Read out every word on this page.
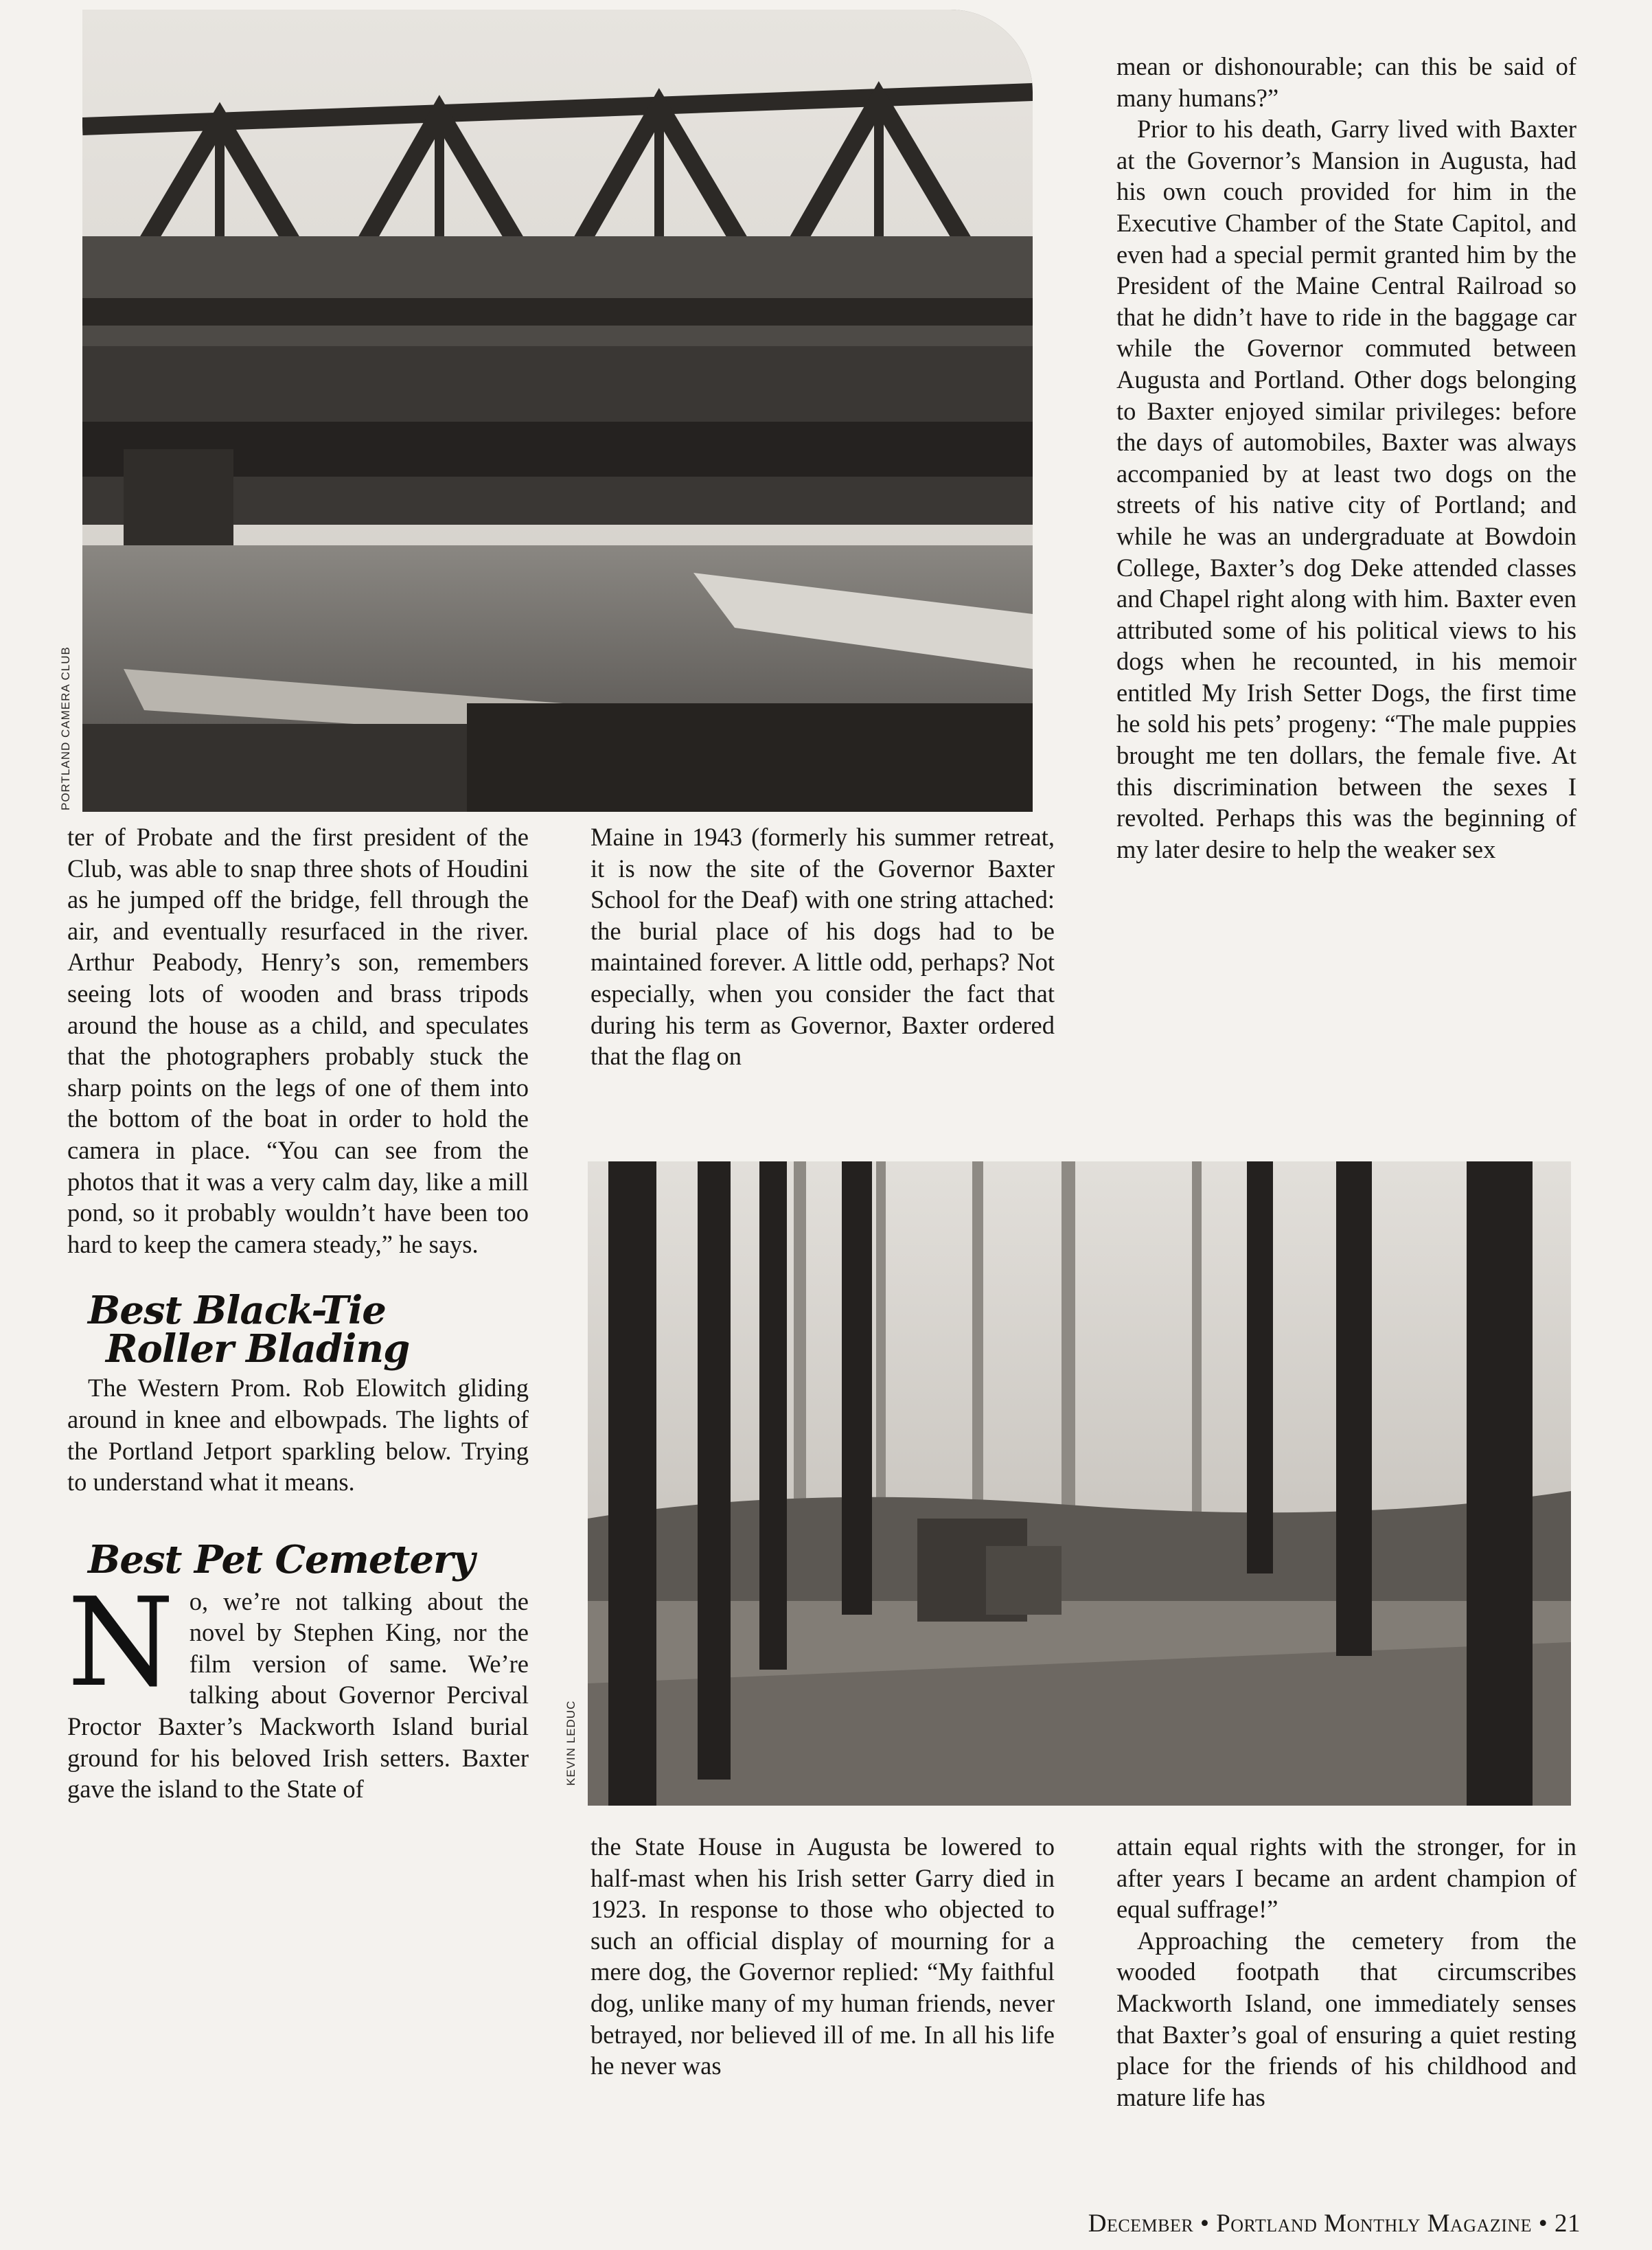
PORTLAND CAMERA CLUB
KEVIN LEDUC

ter of Probate and the first president of the Club, was able to snap three shots of Houdini as he jumped off the bridge, fell through the air, and eventually resurfaced in the river. Arthur Peabody, Henry’s son, remembers seeing lots of wooden and brass tripods around the house as a child, and speculates that the photographers probably stuck the sharp points on the legs of one of them into the bottom of the boat in order to hold the camera in place. “You can see from the photos that it was a very calm day, like a mill pond, so it probably wouldn’t have been too hard to keep the camera steady,” he says.

Best Black-Tie
Roller Blading

The Western Prom. Rob Elowitch gliding around in knee and elbowpads. The lights of the Portland Jetport sparkling below. Trying to understand what it means.

Best Pet Cemetery

N o, we’re not talking about the novel by Stephen King, nor the film version of same. We’re talking about Governor Percival Proctor Baxter’s Mackworth Island burial ground for his beloved Irish setters. Baxter gave the island to the State of

Maine in 1943 (formerly his summer retreat, it is now the site of the Governor Baxter School for the Deaf) with one string attached: the burial place of his dogs had to be maintained forever. A little odd, perhaps? Not especially, when you consider the fact that during his term as Governor, Baxter ordered that the flag on

the State House in Augusta be lowered to half-mast when his Irish setter Garry died in 1923. In response to those who objected to such an official display of mourning for a mere dog, the Governor replied: “My faithful dog, unlike many of my human friends, never betrayed, nor believed ill of me. In all his life he never was

mean or dishonourable; can this be said of many humans?”

Prior to his death, Garry lived with Baxter at the Governor’s Mansion in Augusta, had his own couch provided for him in the Executive Chamber of the State Capitol, and even had a special permit granted him by the President of the Maine Central Railroad so that he didn’t have to ride in the baggage car while the Governor commuted between Augusta and Portland. Other dogs belonging to Baxter enjoyed similar privileges: before the days of automobiles, Baxter was always accompanied by at least two dogs on the streets of his native city of Portland; and while he was an undergraduate at Bowdoin College, Baxter’s dog Deke attended classes and Chapel right along with him. Baxter even attributed some of his political views to his dogs when he recounted, in his memoir entitled My Irish Setter Dogs, the first time he sold his pets’ progeny: “The male puppies brought me ten dollars, the female five. At this discrimination between the sexes I revolted. Perhaps this was the beginning of my later desire to help the weaker sex

attain equal rights with the stronger, for in after years I became an ardent champion of equal suffrage!”

Approaching the cemetery from the wooded footpath that circumscribes Mackworth Island, one immediately senses that Baxter’s goal of ensuring a quiet resting place for the friends of his childhood and mature life has

December • Portland Monthly Magazine • 21
